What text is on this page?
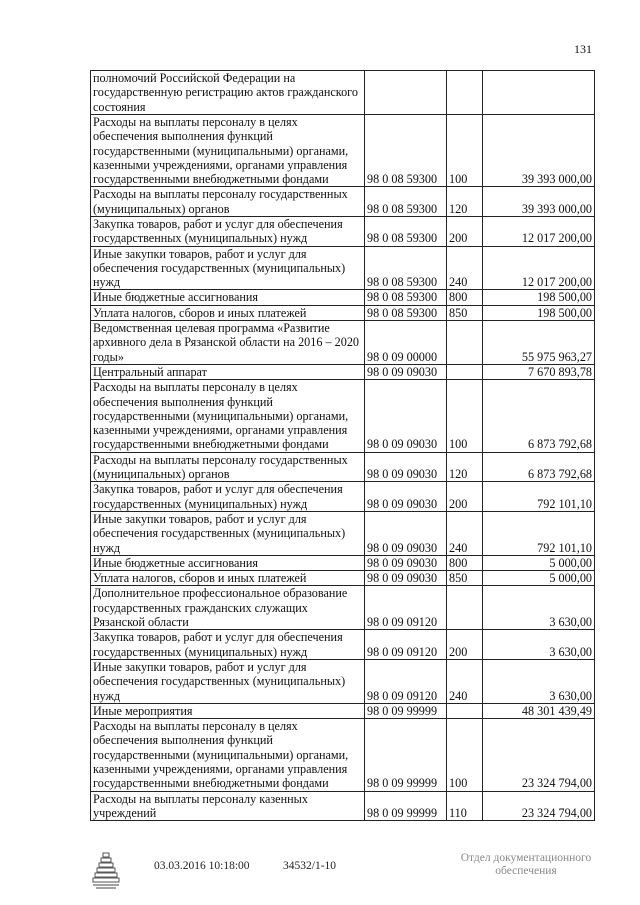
131
полномочий Российской Федерации на государственную регистрацию актов гражданского состояния			
Расходы на выплаты персоналу в целях обеспечения выполнения функций государственными (муниципальными) органами, казенными учреждениями, органами управления государственными внебюджетными фондами	98 0 08 59300	100	39 393 000,00
Расходы на выплаты персоналу государственных (муниципальных) органов	98 0 08 59300	120	39 393 000,00
Закупка товаров, работ и услуг для обеспечения государственных (муниципальных) нужд	98 0 08 59300	200	12 017 200,00
Иные закупки товаров, работ и услуг для обеспечения государственных (муниципальных) нужд	98 0 08 59300	240	12 017 200,00
Иные бюджетные ассигнования	98 0 08 59300	800	198 500,00
Уплата налогов, сборов и иных платежей	98 0 08 59300	850	198 500,00
Ведомственная целевая программа «Развитие архивного дела в Рязанской области на 2016 – 2020 годы»	98 0 09 00000		55 975 963,27
Центральный аппарат	98 0 09 09030		7 670 893,78
Расходы на выплаты персоналу в целях обеспечения выполнения функций государственными (муниципальными) органами, казенными учреждениями, органами управления государственными внебюджетными фондами	98 0 09 09030	100	6 873 792,68
Расходы на выплаты персоналу государственных (муниципальных) органов	98 0 09 09030	120	6 873 792,68
Закупка товаров, работ и услуг для обеспечения государственных (муниципальных) нужд	98 0 09 09030	200	792 101,10
Иные закупки товаров, работ и услуг для обеспечения государственных (муниципальных) нужд	98 0 09 09030	240	792 101,10
Иные бюджетные ассигнования	98 0 09 09030	800	5 000,00
Уплата налогов, сборов и иных платежей	98 0 09 09030	850	5 000,00
Дополнительное профессиональное образование государственных гражданских служащих Рязанской области	98 0 09 09120		3 630,00
Закупка товаров, работ и услуг для обеспечения государственных (муниципальных) нужд	98 0 09 09120	200	3 630,00
Иные закупки товаров, работ и услуг для обеспечения государственных (муниципальных) нужд	98 0 09 09120	240	3 630,00
Иные мероприятия	98 0 09 99999		48 301 439,49
Расходы на выплаты персоналу в целях обеспечения выполнения функций государственными (муниципальными) органами, казенными учреждениями, органами управления государственными внебюджетными фондами	98 0 09 99999	100	23 324 794,00
Расходы на выплаты персоналу казенных учреждений	98 0 09 99999	110	23 324 794,00
03.03.2016 10:18:00	34532/1-10
Отдел документационного обеспечения
